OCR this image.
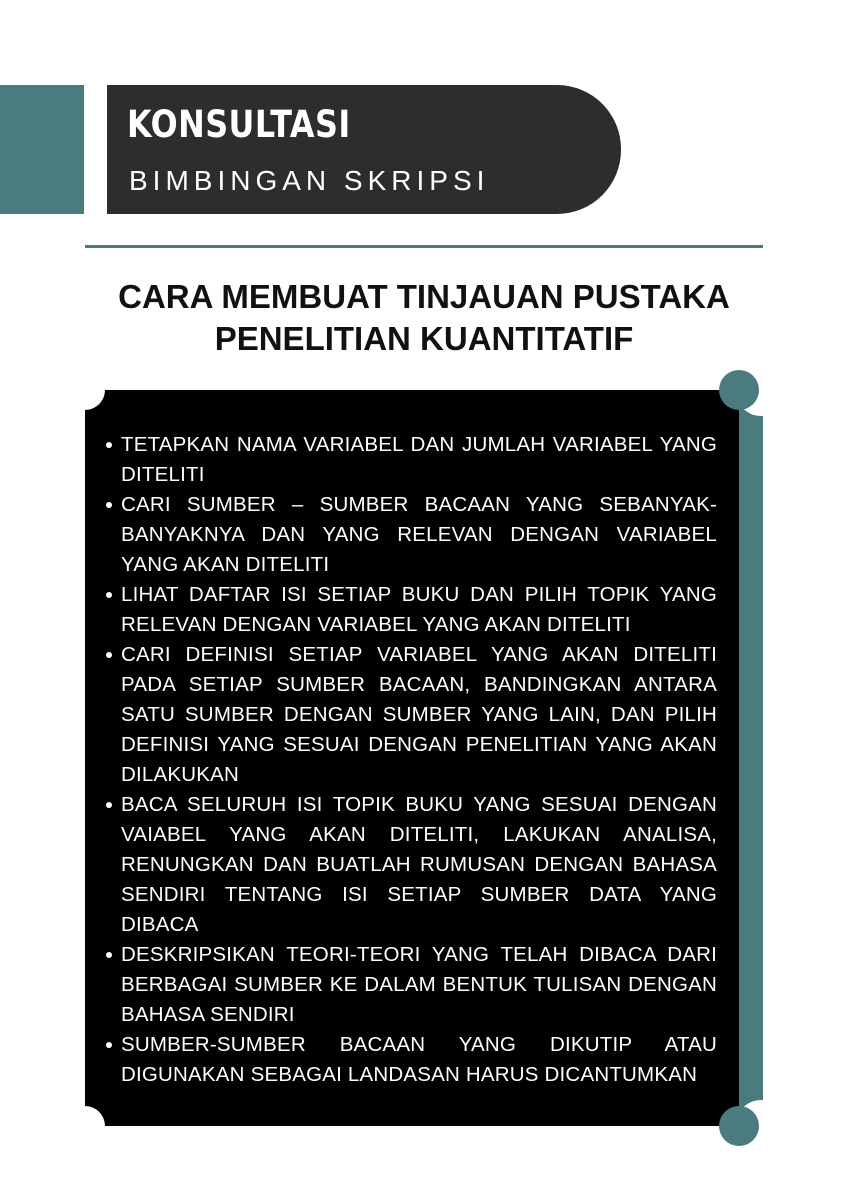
KONSULTASI
BIMBINGAN SKRIPSI
CARA MEMBUAT TINJAUAN PUSTAKA
PENELITIAN KUANTITATIF
TETAPKAN NAMA VARIABEL DAN JUMLAH VARIABEL YANG DITELITI
CARI SUMBER – SUMBER BACAAN YANG SEBANYAK-BANYAKNYA DAN YANG RELEVAN DENGAN VARIABEL YANG AKAN DITELITI
LIHAT DAFTAR ISI SETIAP BUKU DAN PILIH TOPIK YANG RELEVAN DENGAN VARIABEL YANG AKAN DITELITI
CARI DEFINISI SETIAP VARIABEL YANG AKAN DITELITI PADA SETIAP SUMBER BACAAN, BANDINGKAN ANTARA SATU SUMBER DENGAN SUMBER YANG LAIN, DAN PILIH DEFINISI YANG SESUAI DENGAN PENELITIAN YANG AKAN DILAKUKAN
BACA SELURUH ISI TOPIK BUKU YANG SESUAI DENGAN VAIABEL YANG AKAN DITELITI, LAKUKAN ANALISA, RENUNGKAN DAN BUATLAH RUMUSAN DENGAN BAHASA SENDIRI TENTANG ISI SETIAP SUMBER DATA YANG DIBACA
DESKRIPSIKAN TEORI-TEORI YANG TELAH DIBACA DARI BERBAGAI SUMBER KE DALAM BENTUK TULISAN DENGAN BAHASA SENDIRI
SUMBER-SUMBER BACAAN YANG DIKUTIP ATAU DIGUNAKAN SEBAGAI LANDASAN HARUS DICANTUMKAN
